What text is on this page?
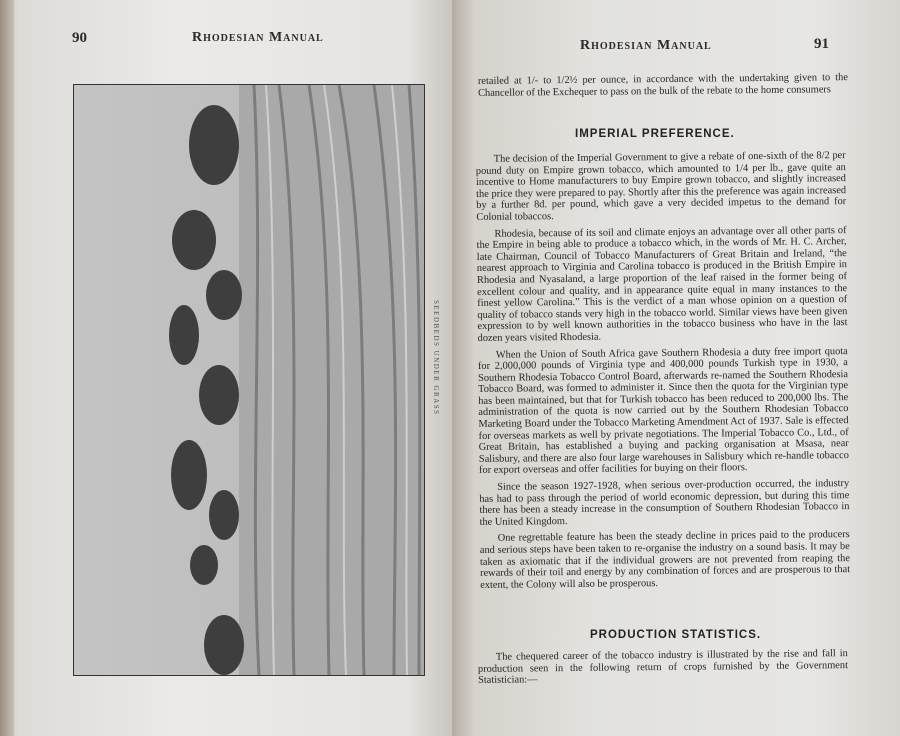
90	Rhodesian Manual
SEEDBEDS UNDER GRASS
Rhodesian Manual	91

retailed at 1/- to 1/2½ per ounce, in accordance with the undertaking given to the Chancellor of the Exchequer to pass on the bulk of the rebate to the home consumers

IMPERIAL PREFERENCE.

The decision of the Imperial Government to give a rebate of one-sixth of the 8/2 per pound duty on Empire grown tobacco, which amounted to 1/4 per lb., gave quite an incentive to Home manufacturers to buy Empire grown tobacco, and slightly increased the price they were prepared to pay. Shortly after this the preference was again increased by a further 8d. per pound, which gave a very decided impetus to the demand for Colonial tobaccos.

Rhodesia, because of its soil and climate enjoys an advantage over all other parts of the Empire in being able to produce a tobacco which, in the words of Mr. H. C. Archer, late Chairman, Council of Tobacco Manufacturers of Great Britain and Ireland, “the nearest approach to Virginia and Carolina tobacco is produced in the British Empire in Rhodesia and Nyasaland, a large proportion of the leaf raised in the former being of excellent colour and quality, and in appearance quite equal in many instances to the finest yellow Carolina.” This is the verdict of a man whose opinion on a question of quality of tobacco stands very high in the tobacco world. Similar views have been given expression to by well known authorities in the tobacco business who have in the last dozen years visited Rhodesia.

When the Union of South Africa gave Southern Rhodesia a duty free import quota for 2,000,000 pounds of Virginia type and 400,000 pounds Turkish type in 1930, a Southern Rhodesia Tobacco Control Board, afterwards re-named the Southern Rhodesia Tobacco Board, was formed to administer it. Since then the quota for the Virginian type has been maintained, but that for Turkish tobacco has been reduced to 200,000 lbs. The administration of the quota is now carried out by the Southern Rhodesian Tobacco Marketing Board under the Tobacco Marketing Amendment Act of 1937. Sale is effected for overseas markets as well by private negotiations. The Imperial Tobacco Co., Ltd., of Great Britain, has established a buying and packing organisation at Msasa, near Salisbury, and there are also four large warehouses in Salisbury which re-handle tobacco for export overseas and offer facilities for buying on their floors.

Since the season 1927-1928, when serious over-production occurred, the industry has had to pass through the period of world economic depression, but during this time there has been a steady increase in the consumption of Southern Rhodesian Tobacco in the United Kingdom.

One regrettable feature has been the steady decline in prices paid to the producers and serious steps have been taken to re-organise the industry on a sound basis. It may be taken as axiomatic that if the individual growers are not prevented from reaping the rewards of their toil and energy by any combination of forces and are prosperous to that extent, the Colony will also be prosperous.

PRODUCTION STATISTICS.

The chequered career of the tobacco industry is illustrated by the rise and fall in production seen in the following return of crops furnished by the Government Statistician:—
